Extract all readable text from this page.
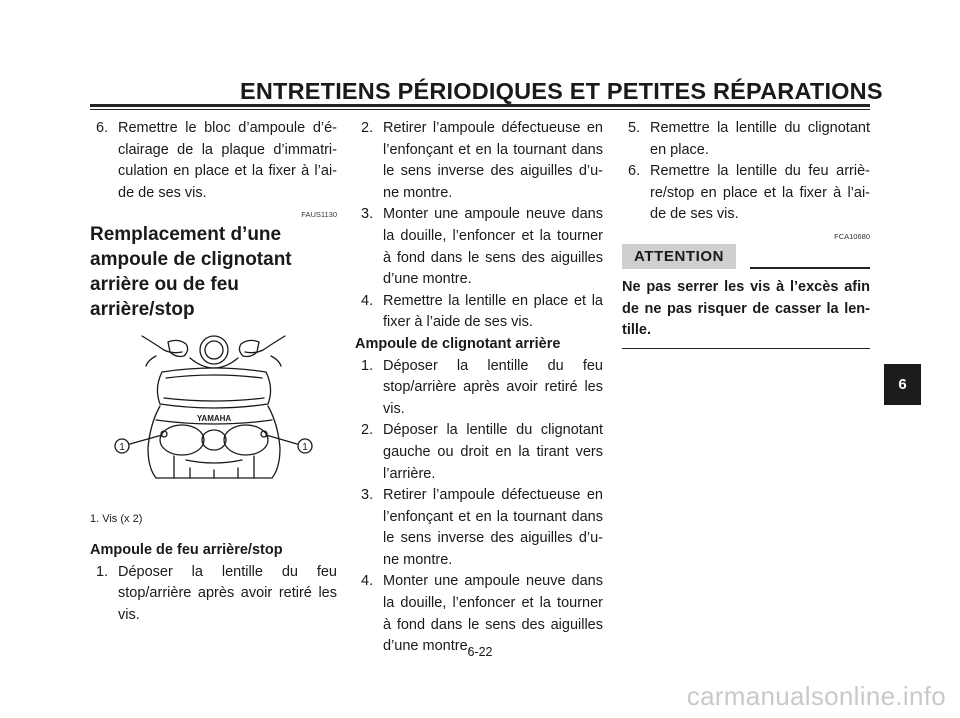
ENTRETIENS PÉRIODIQUES ET PETITES RÉPARATIONS
6. Remettre le bloc d’ampoule d’é-clairage de la plaque d’immatri-culation en place et la fixer à l’ai-de de ses vis.
FAUS1130
Remplacement d’une ampoule de clignotant arrière ou de feu arrière/stop
YAMAHA
1	1
1. Vis (x 2)
Ampoule de feu arrière/stop
1. Déposer la lentille du feu stop/arrière après avoir retiré les vis.
2. Retirer l’ampoule défectueuse en l’enfonçant et en la tournant dans le sens inverse des aiguilles d’u-ne montre.
3. Monter une ampoule neuve dans la douille, l’enfoncer et la tourner à fond dans le sens des aiguilles d’une montre.
4. Remettre la lentille en place et la fixer à l’aide de ses vis.
Ampoule de clignotant arrière
1. Déposer la lentille du feu stop/arrière après avoir retiré les vis.
2. Déposer la lentille du clignotant gauche ou droit en la tirant vers l’arrière.
3. Retirer l’ampoule défectueuse en l’enfonçant et en la tournant dans le sens inverse des aiguilles d’u-ne montre.
4. Monter une ampoule neuve dans la douille, l’enfoncer et la tourner à fond dans le sens des aiguilles d’une montre.
5. Remettre la lentille du clignotant en place.
6. Remettre la lentille du feu arriè-re/stop en place et la fixer à l’ai-de de ses vis.
FCA10680
ATTENTION
Ne pas serrer les vis à l’excès afin de ne pas risquer de casser la len-tille.
6
6-22
carmanualsonline.info
